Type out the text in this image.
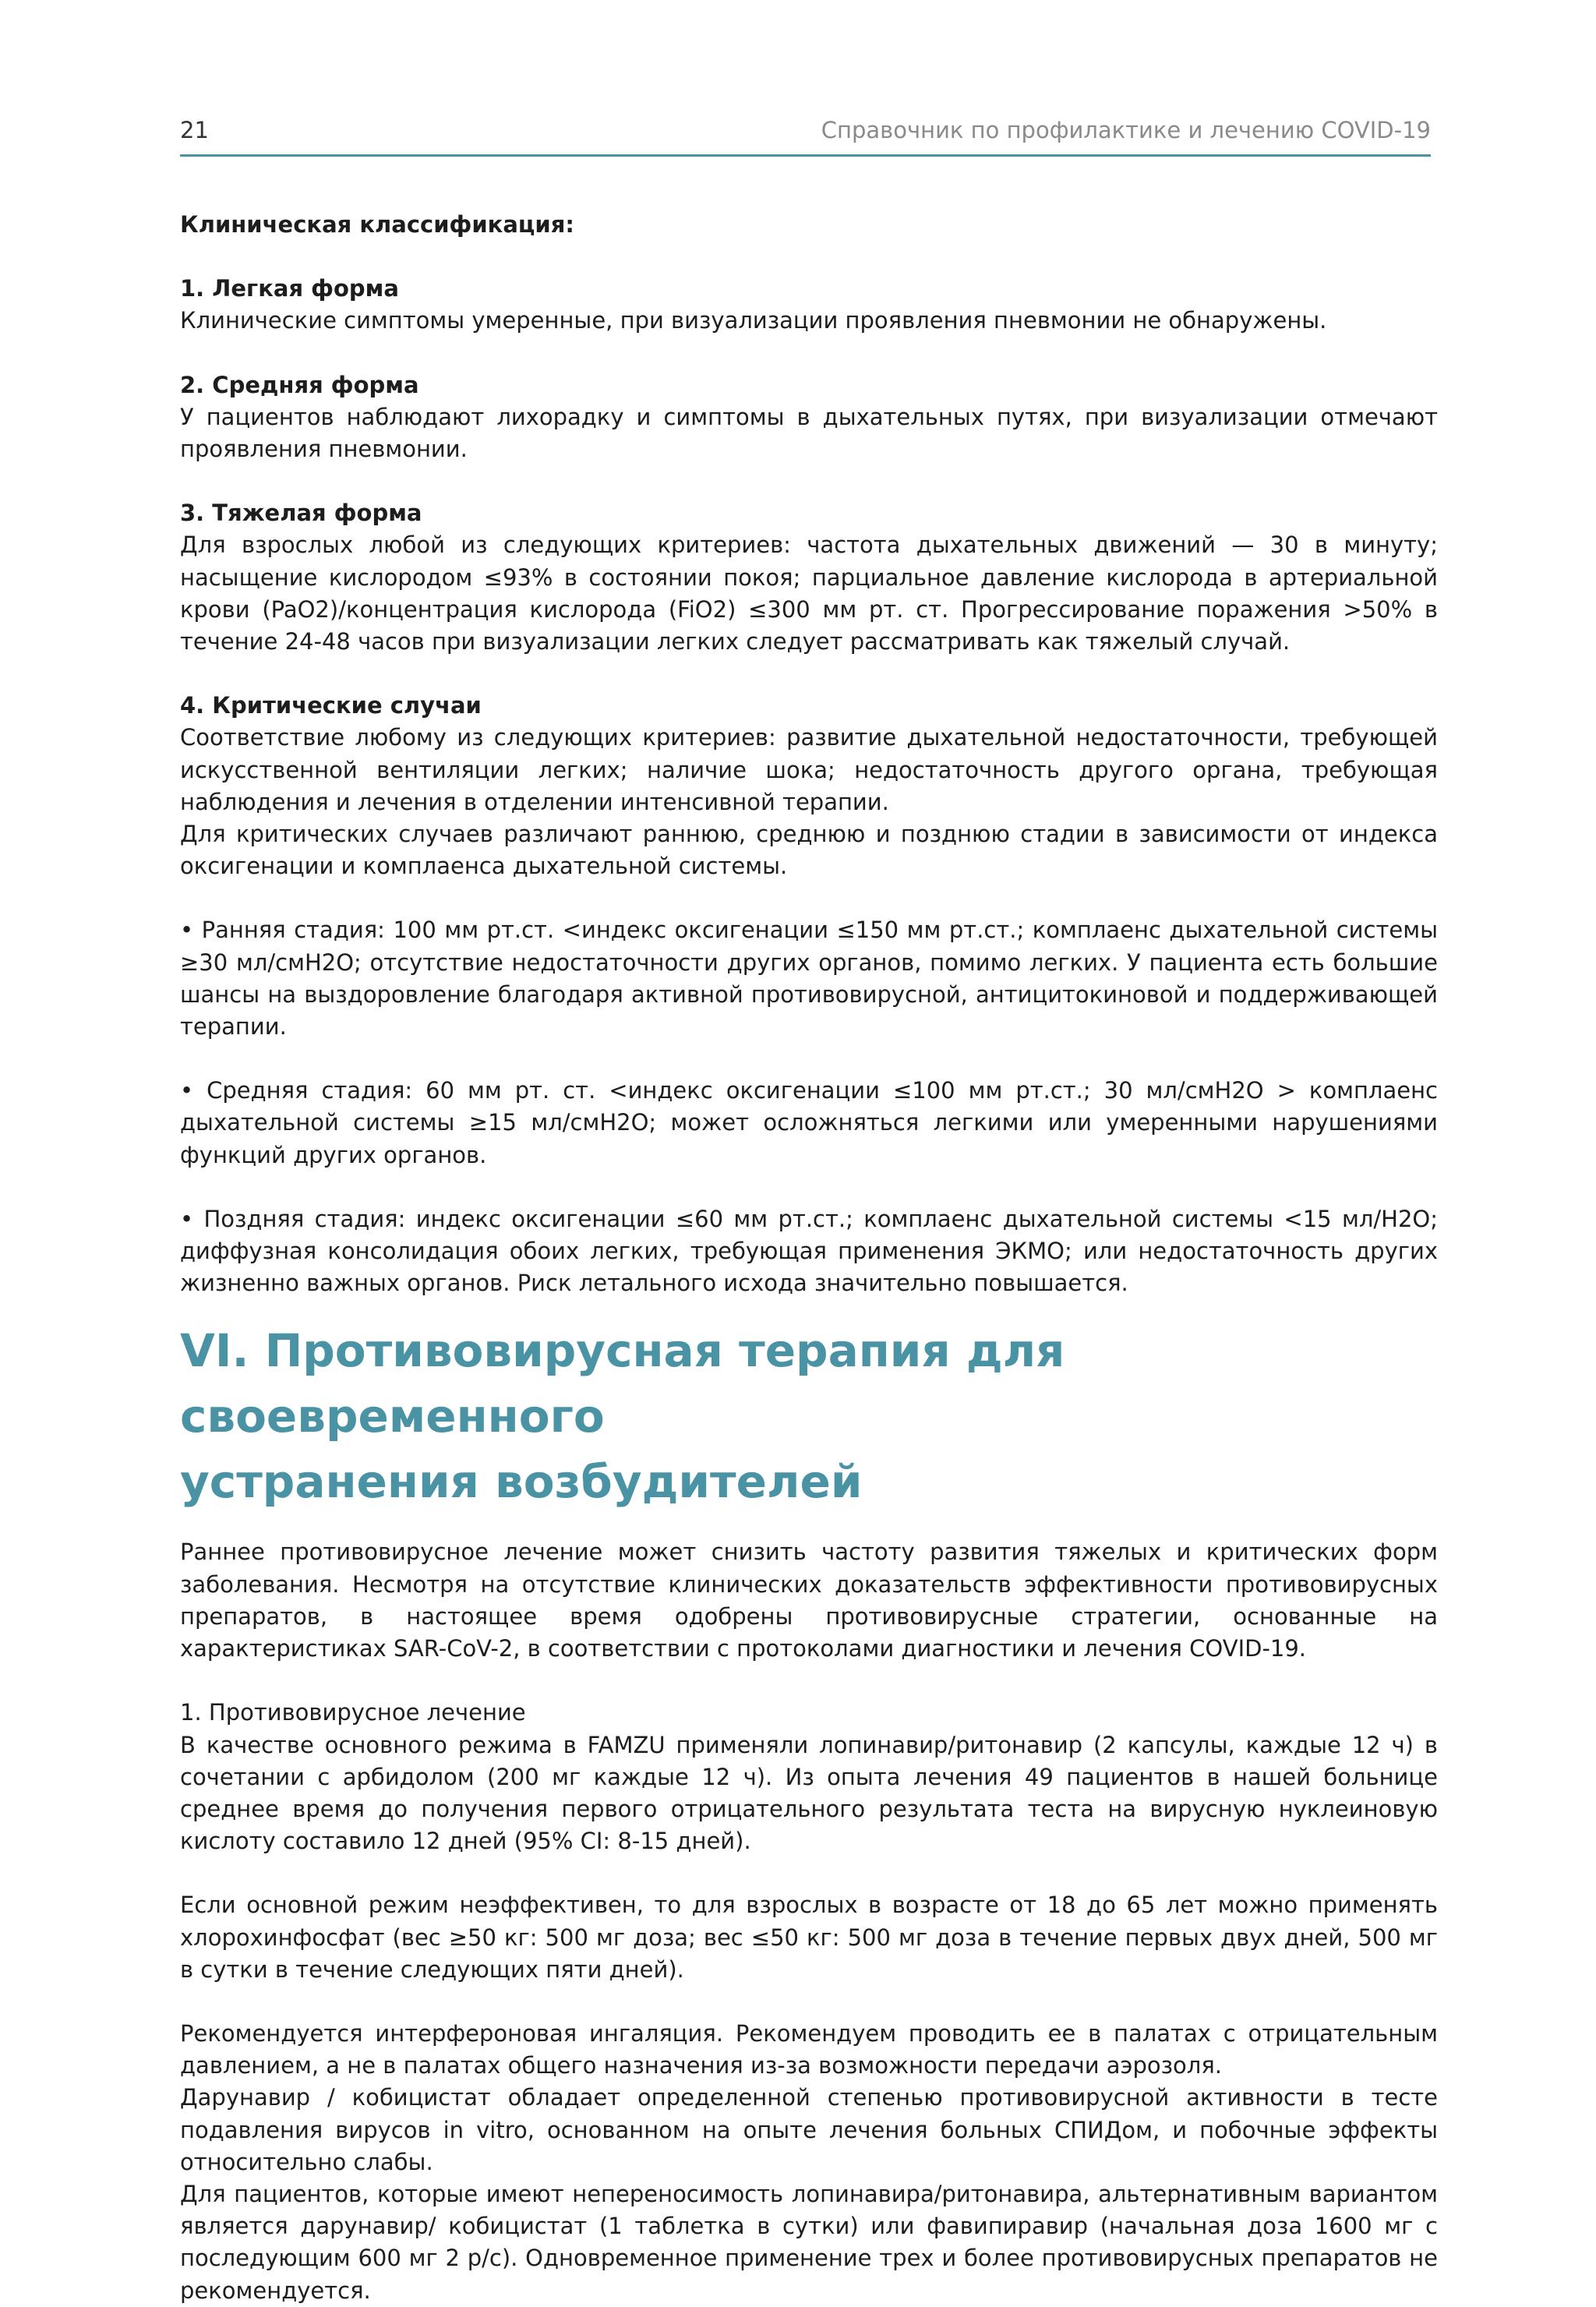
21	Справочник по профилактике и лечению COVID-19

Клиническая классификация:

1. Легкая форма

Клинические симптомы умеренные, при визуализации проявления пневмонии не обнаружены.

2. Средняя форма

У пациентов наблюдают лихорадку и симптомы в дыхательных путях, при визуализации отмечают проявления пневмонии.

3. Тяжелая форма

Для взрослых любой из следующих критериев: частота дыхательных движений — 30 в минуту; насыщение кислородом ≤93% в состоянии покоя; парциальное давление кислорода в артериальной крови (PaO2)/концентрация кислорода (FiO2) ≤300 мм рт. ст. Прогрессирование поражения >50% в течение 24-48 часов при визуализации легких следует рассматривать как тяжелый случай.

4. Критические случаи

Соответствие любому из следующих критериев: развитие дыхательной недостаточности, требующей искусственной вентиляции легких; наличие шока; недостаточность другого органа, требующая наблюдения и лечения в отделении интенсивной терапии.

Для критических случаев различают раннюю, среднюю и позднюю стадии в зависимости от индекса оксигенации и комплаенса дыхательной системы.

• Ранняя стадия: 100 мм рт.ст. <индекс оксигенации ≤150 мм рт.ст.; комплаенс дыхательной системы ≥30 мл/смH2O; отсутствие недостаточности других органов, помимо легких. У пациента есть большие шансы на выздоровление благодаря активной противовирусной, антицитокиновой и поддерживающей терапии.

• Средняя стадия: 60 мм рт. ст. <индекс оксигенации ≤100 мм рт.ст.; 30 мл/смH2O > комплаенс дыхательной системы ≥15 мл/смH2O; может осложняться легкими или умеренными нарушениями функций других органов.

• Поздняя стадия: индекс оксигенации ≤60 мм рт.ст.; комплаенс дыхательной системы <15 мл/H2O; диффузная консолидация обоих легких, требующая применения ЭКМО; или недостаточность других жизненно важных органов. Риск летального исхода значительно повышается.

VI. Противовирусная терапия для своевременного
устранения возбудителей

Раннее противовирусное лечение может снизить частоту развития тяжелых и критических форм заболевания. Несмотря на отсутствие клинических доказательств эффективности противовирусных препаратов, в настоящее время одобрены противовирусные стратегии, основанные на характеристиках SAR-CoV-2, в соответствии с протоколами диагностики и лечения COVID-19.

1. Противовирусное лечение

В качестве основного режима в FAMZU применяли лопинавир/ритонавир (2 капсулы, каждые 12 ч) в сочетании с арбидолом (200 мг каждые 12 ч). Из опыта лечения 49 пациентов в нашей больнице среднее время до получения первого отрицательного результата теста на вирусную нуклеиновую кислоту составило 12 дней (95% CI: 8-15 дней).

Если основной режим неэффективен, то для взрослых в возрасте от 18 до 65 лет можно применять хлорохинфосфат (вес ≥50 кг: 500 мг доза; вес ≤50 кг: 500 мг доза в течение первых двух дней, 500 мг в сутки в течение следующих пяти дней).

Рекомендуется интерфероновая ингаляция. Рекомендуем проводить ее в палатах с отрицательным давлением, а не в палатах общего назначения из-за возможности передачи аэрозоля.

Дарунавир / кобицистат обладает определенной степенью противовирусной активности в тесте подавления вирусов in vitro, основанном на опыте лечения больных СПИДом, и побочные эффекты относительно слабы.

Для пациентов, которые имеют непереносимость лопинавира/ритонавира, альтернативным вариантом является дарунавир/ кобицистат (1 таблетка в сутки) или фавипиравир (начальная доза 1600 мг с последующим 600 мг 2 р/с). Одновременное применение трех и более противовирусных препаратов не рекомендуется.
